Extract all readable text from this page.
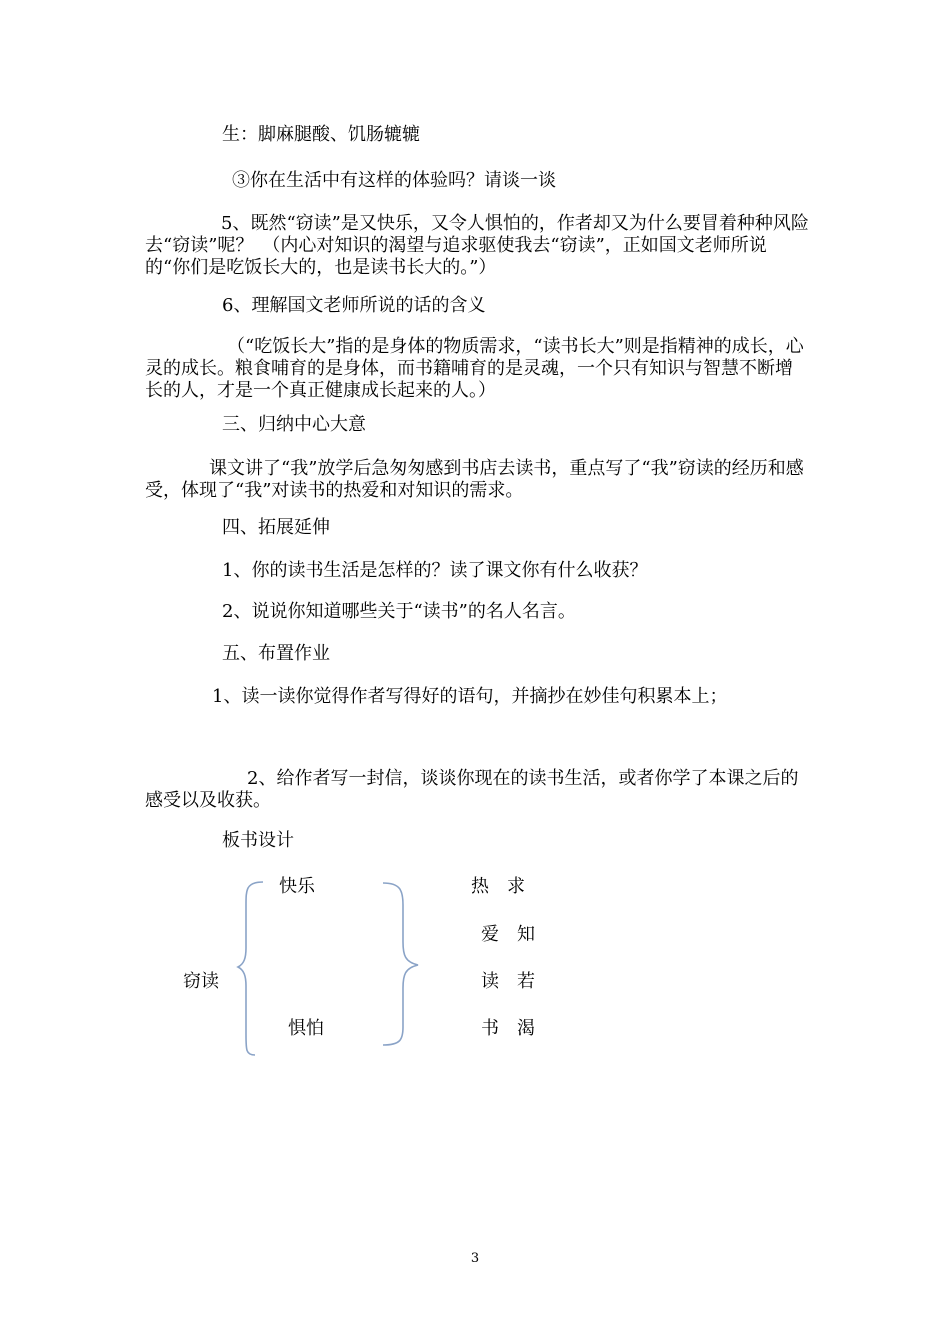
生：脚麻腿酸、饥肠辘辘
③你在生活中有这样的体验吗？请谈一谈
5、既然“窃读”是又快乐，又令人惧怕的，作者却又为什么要冒着种种风险去“窃读”呢？　（内心对知识的渴望与追求驱使我去“窃读”，正如国文老师所说的“你们是吃饭长大的，也是读书长大的。”）
6、理解国文老师所说的话的含义
（“吃饭长大”指的是身体的物质需求，“读书长大”则是指精神的成长，心灵的成长。粮食哺育的是身体，而书籍哺育的是灵魂，一个只有知识与智慧不断增长的人，才是一个真正健康成长起来的人。）
三、归纳中心大意
课文讲了“我”放学后急匆匆感到书店去读书，重点写了“我”窃读的经历和感受，体现了“我”对读书的热爱和对知识的需求。
四、拓展延伸
1、你的读书生活是怎样的？读了课文你有什么收获？
2、说说你知道哪些关于“读书”的名人名言。
五、布置作业
1、读一读你觉得作者写得好的语句，并摘抄在妙佳句积累本上；
2、给作者写一封信，谈谈你现在的读书生活，或者你学了本课之后的感受以及收获。
板书设计
窃读
快乐
惧怕
热　求
爱　知
读　若
书　渴
3
